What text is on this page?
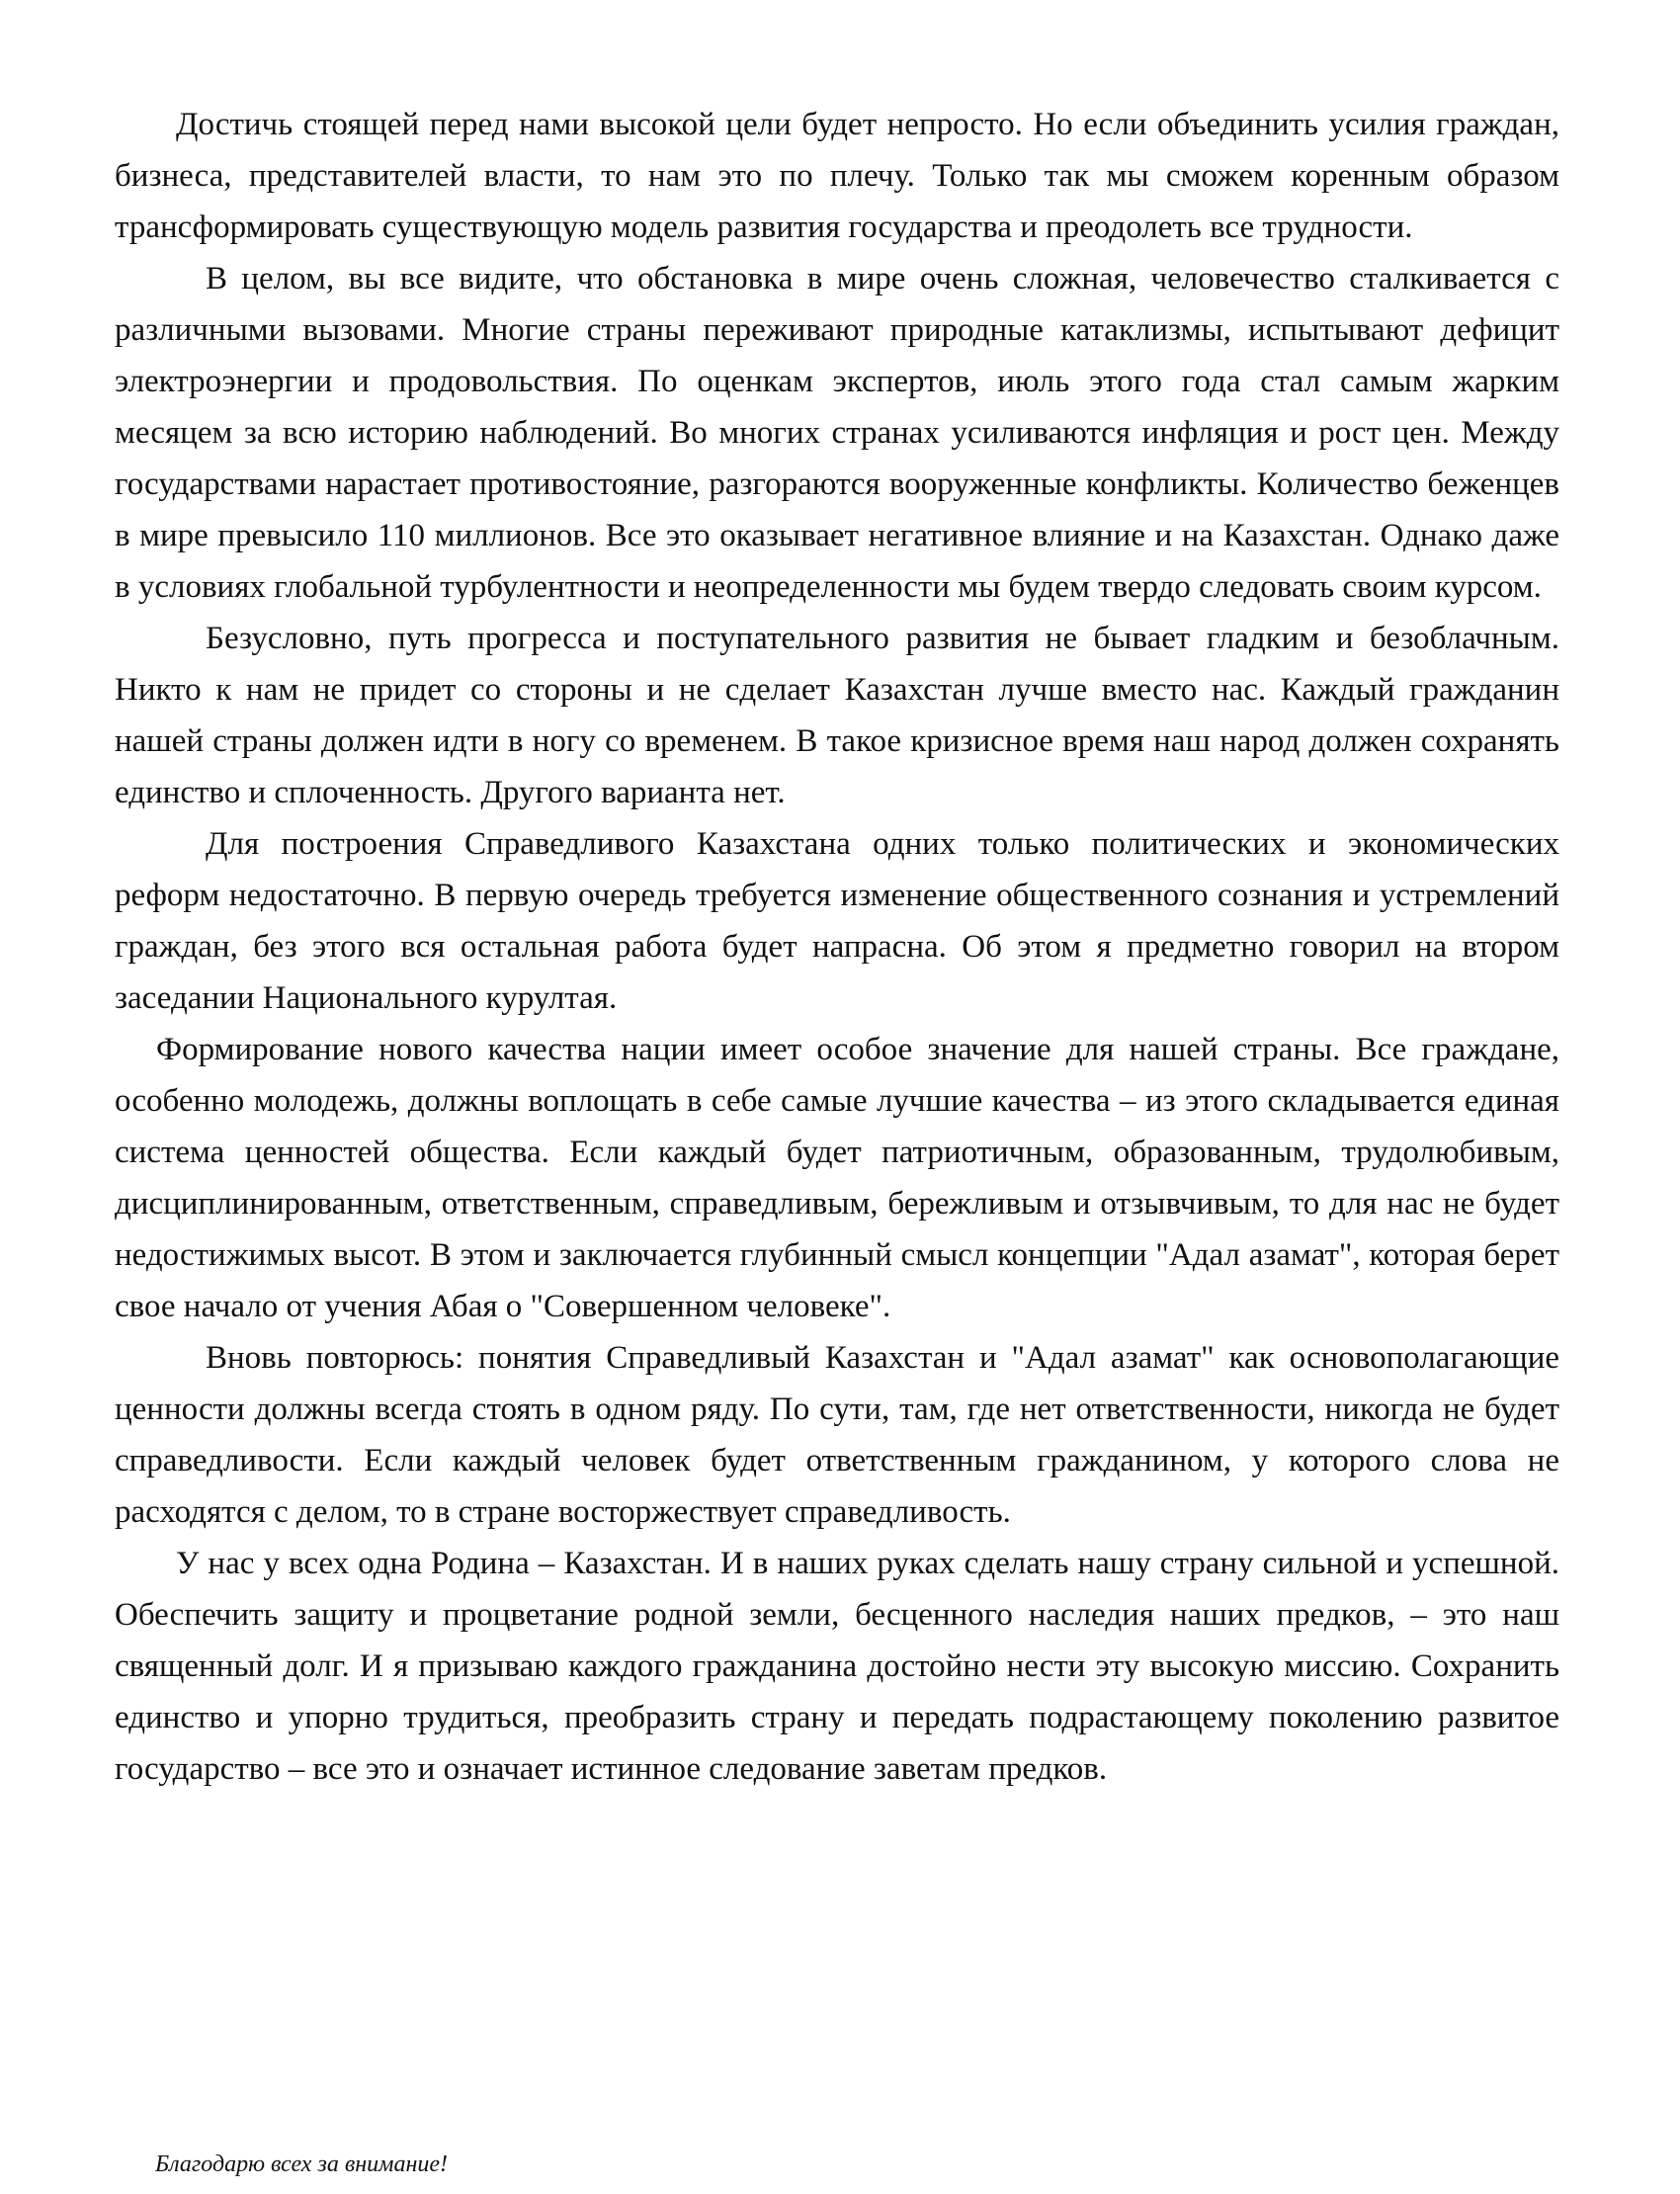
Достичь стоящей перед нами высокой цели будет непросто. Но если объединить усилия граждан, бизнеса, представителей власти, то нам это по плечу. Только так мы сможем коренным образом трансформировать существующую модель развития государства и преодолеть все трудности.

В целом, вы все видите, что обстановка в мире очень сложная, человечество сталкивается с различными вызовами. Многие страны переживают природные катаклизмы, испытывают дефицит электроэнергии и продовольствия. По оценкам экспертов, июль этого года стал самым жарким месяцем за всю историю наблюдений. Во многих странах усиливаются инфляция и рост цен. Между государствами нарастает противостояние, разгораются вооруженные конфликты. Количество беженцев в мире превысило 110 миллионов. Все это оказывает негативное влияние и на Казахстан. Однако даже в условиях глобальной турбулентности и неопределенности мы будем твердо следовать своим курсом.

Безусловно, путь прогресса и поступательного развития не бывает гладким и безоблачным. Никто к нам не придет со стороны и не сделает Казахстан лучше вместо нас. Каждый гражданин нашей страны должен идти в ногу со временем. В такое кризисное время наш народ должен сохранять единство и сплоченность. Другого варианта нет.

Для построения Справедливого Казахстана одних только политических и экономических реформ недостаточно. В первую очередь требуется изменение общественного сознания и устремлений граждан, без этого вся остальная работа будет напрасна. Об этом я предметно говорил на втором заседании Национального курултая.

Формирование нового качества нации имеет особое значение для нашей страны. Все граждане, особенно молодежь, должны воплощать в себе самые лучшие качества – из этого складывается единая система ценностей общества. Если каждый будет патриотичным, образованным, трудолюбивым, дисциплинированным, ответственным, справедливым, бережливым и отзывчивым, то для нас не будет недостижимых высот. В этом и заключается глубинный смысл концепции "Адал азамат", которая берет свое начало от учения Абая о "Совершенном человеке".

Вновь повторюсь: понятия Справедливый Казахстан и "Адал азамат" как основополагающие ценности должны всегда стоять в одном ряду. По сути, там, где нет ответственности, никогда не будет справедливости. Если каждый человек будет ответственным гражданином, у которого слова не расходятся с делом, то в стране восторжествует справедливость.

У нас у всех одна Родина – Казахстан. И в наших руках сделать нашу страну сильной и успешной. Обеспечить защиту и процветание родной земли, бесценного наследия наших предков, – это наш священный долг. И я призываю каждого гражданина достойно нести эту высокую миссию. Сохранить единство и упорно трудиться, преобразить страну и передать подрастающему поколению развитое государство – все это и означает истинное следование заветам предков.

Благодарю всех за внимание!
